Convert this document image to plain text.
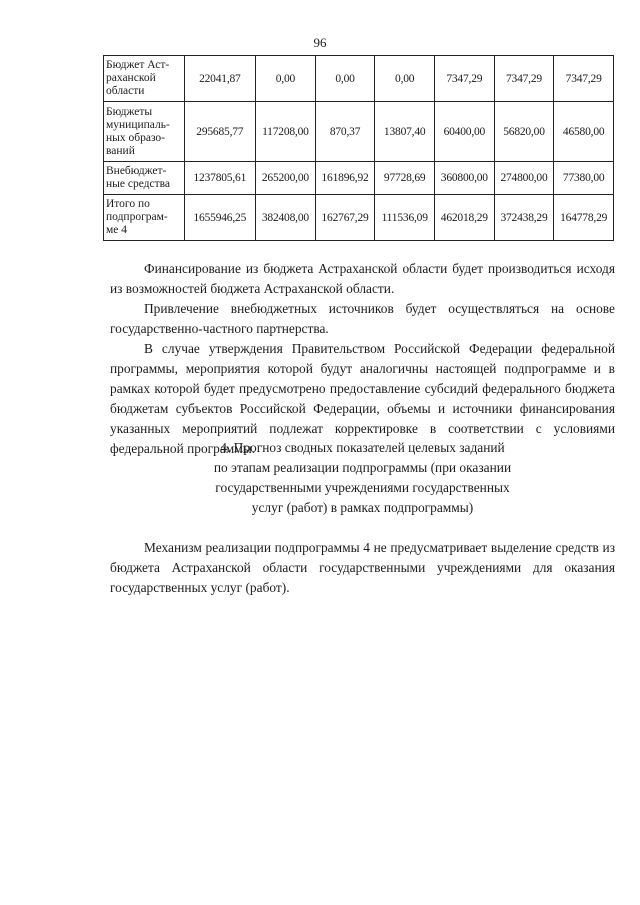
96
Бюджет Аст-
раханской
области	22041,87	0,00	0,00	0,00	7347,29	7347,29	7347,29

Бюджеты
муниципаль-
ных образо-
ваний	295685,77	117208,00	870,37	13807,40	60400,00	56820,00	46580,00

Внебюджет-
ные средства	1237805,61	265200,00	161896,92	97728,69	360800,00	274800,00	77380,00

Итого по
подпрограм-
ме 4	1655946,25	382408,00	162767,29	111536,09	462018,29	372438,29	164778,29

Финансирование из бюджета Астраханской области будет производиться исходя из возможностей бюджета Астраханской области.

Привлечение внебюджетных источников будет осуществляться на основе государственно-частного партнерства.

В случае утверждения Правительством Российской Федерации федеральной программы, мероприятия которой будут аналогичны настоящей подпрограмме и в рамках которой будет предусмотрено предоставление субсидий федерального бюджета бюджетам субъектов Российской Федерации, объемы и источники финансирования указанных мероприятий подлежат корректировке в соответствии с условиями федеральной программы.

4. Прогноз сводных показателей целевых заданий
по этапам реализации подпрограммы (при оказании
государственными учреждениями государственных
услуг (работ) в рамках подпрограммы)

Механизм реализации подпрограммы 4 не предусматривает выделение средств из бюджета Астраханской области государственными учреждениями для оказания государственных услуг (работ).
